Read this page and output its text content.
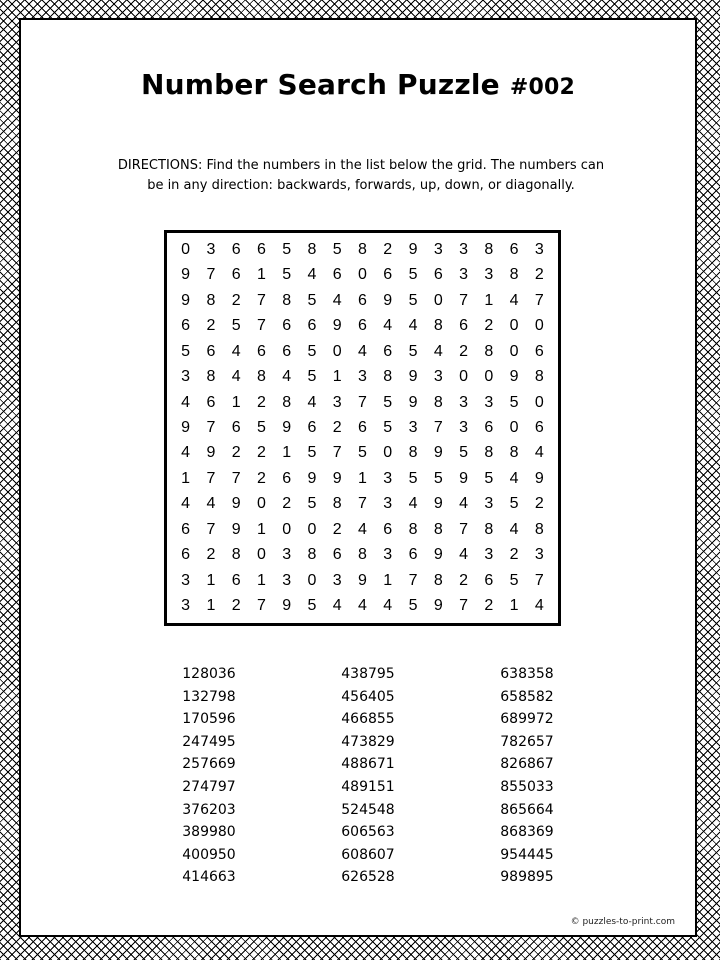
Number Search Puzzle #002
DIRECTIONS: Find the numbers in the list below the grid. The numbers can
be in any direction: backwards, forwards, up, down, or diagonally.
0	3	6	6	5	8	5	8	2	9	3	3	8	6	3
9	7	6	1	5	4	6	0	6	5	6	3	3	8	2
9	8	2	7	8	5	4	6	9	5	0	7	1	4	7
6	2	5	7	6	6	9	6	4	4	8	6	2	0	0
5	6	4	6	6	5	0	4	6	5	4	2	8	0	6
3	8	4	8	4	5	1	3	8	9	3	0	0	9	8
4	6	1	2	8	4	3	7	5	9	8	3	3	5	0
9	7	6	5	9	6	2	6	5	3	7	3	6	0	6
4	9	2	2	1	5	7	5	0	8	9	5	8	8	4
1	7	7	2	6	9	9	1	3	5	5	9	5	4	9
4	4	9	0	2	5	8	7	3	4	9	4	3	5	2
6	7	9	1	0	0	2	4	6	8	8	7	8	4	8
6	2	8	0	3	8	6	8	3	6	9	4	3	2	3
3	1	6	1	3	0	3	9	1	7	8	2	6	5	7
3	1	2	7	9	5	4	4	4	5	9	7	2	1	4
128036
132798
170596
247495
257669
274797
376203
389980
400950
414663
438795
456405
466855
473829
488671
489151
524548
606563
608607
626528
638358
658582
689972
782657
826867
855033
865664
868369
954445
989895
© puzzles-to-print.com
